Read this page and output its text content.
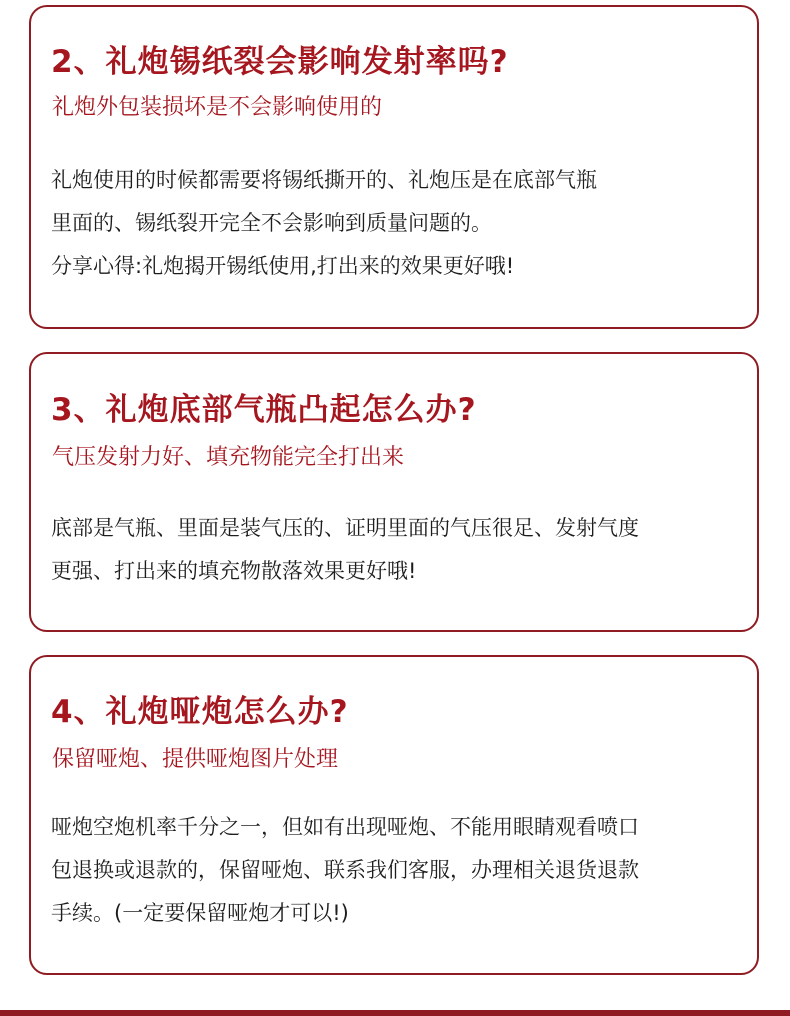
2、礼炮锡纸裂会影响发射率吗?
礼炮外包装损坏是不会影响使用的
礼炮使用的时候都需要将锡纸撕开的、礼炮压是在底部气瓶
里面的、锡纸裂开完全不会影响到质量问题的。
分享心得:礼炮揭开锡纸使用,打出来的效果更好哦!
3、礼炮底部气瓶凸起怎么办?
气压发射力好、填充物能完全打出来
底部是气瓶、里面是装气压的、证明里面的气压很足、发射气度
更强、打出来的填充物散落效果更好哦!
4、礼炮哑炮怎么办?
保留哑炮、提供哑炮图片处理
哑炮空炮机率千分之一，但如有出现哑炮、不能用眼睛观看喷口
包退换或退款的，保留哑炮、联系我们客服，办理相关退货退款
手续。(一定要保留哑炮才可以!)
